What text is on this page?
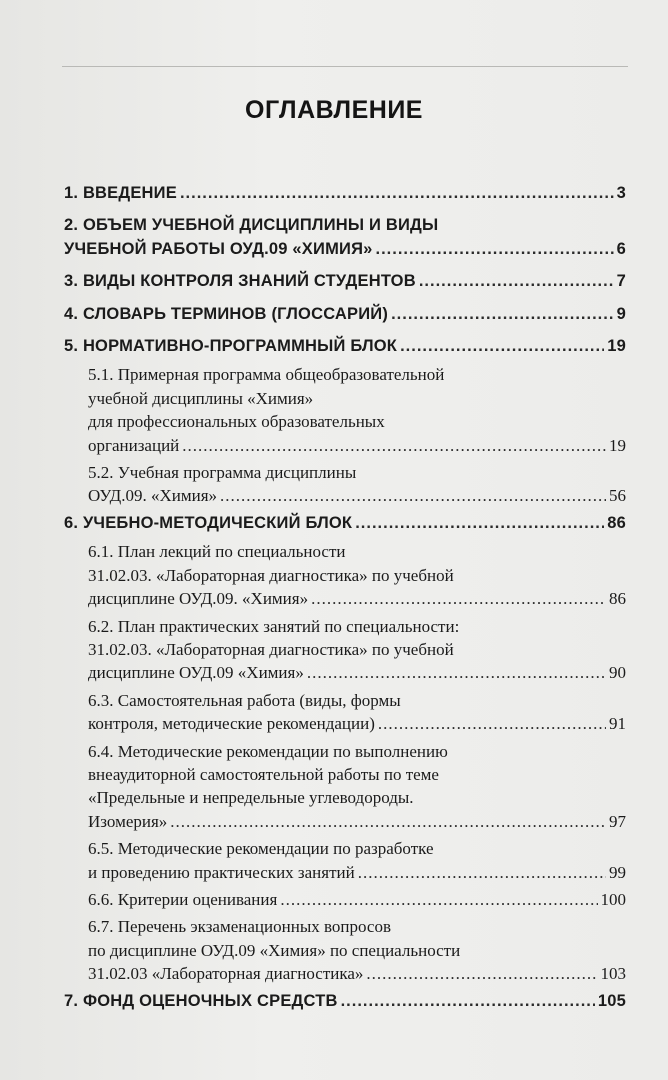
ОГЛАВЛЕНИЕ
1. ВВЕДЕНИЕ .....	3
2. ОБЪЕМ УЧЕБНОЙ ДИСЦИПЛИНЫ И ВИДЫ
УЧЕБНОЙ РАБОТЫ ОУД.09 «ХИМИЯ» .....	6
3. ВИДЫ КОНТРОЛЯ ЗНАНИЙ СТУДЕНТОВ .....	7
4. СЛОВАРЬ ТЕРМИНОВ (ГЛОССАРИЙ) .....	9
5. НОРМАТИВНО-ПРОГРАММНЫЙ БЛОК .....	19
5.1. Примерная программа общеобразовательной
учебной дисциплины «Химия»
для профессиональных образовательных
организаций .....	19
5.2. Учебная программа дисциплины
ОУД.09. «Химия» .....	56
6. УЧЕБНО-МЕТОДИЧЕСКИЙ БЛОК .....	86
6.1. План лекций по специальности
31.02.03. «Лабораторная диагностика» по учебной
дисциплине ОУД.09. «Химия» .....	86
6.2. План практических занятий по специальности:
31.02.03. «Лабораторная диагностика» по учебной
дисциплине ОУД.09 «Химия» .....	90
6.3. Самостоятельная работа (виды, формы
контроля, методические рекомендации) .....	91
6.4. Методические рекомендации по выполнению
внеаудиторной самостоятельной работы по теме
«Предельные и непредельные углеводороды.
Изомерия» .....	97
6.5. Методические рекомендации по разработке
и проведению практических занятий .....	99
6.6. Критерии оценивания .....	100
6.7. Перечень экзаменационных вопросов
по дисциплине ОУД.09 «Химия» по специальности
31.02.03 «Лабораторная диагностика» .....	103
7. ФОНД ОЦЕНОЧНЫХ СРЕДСТВ .....	105
